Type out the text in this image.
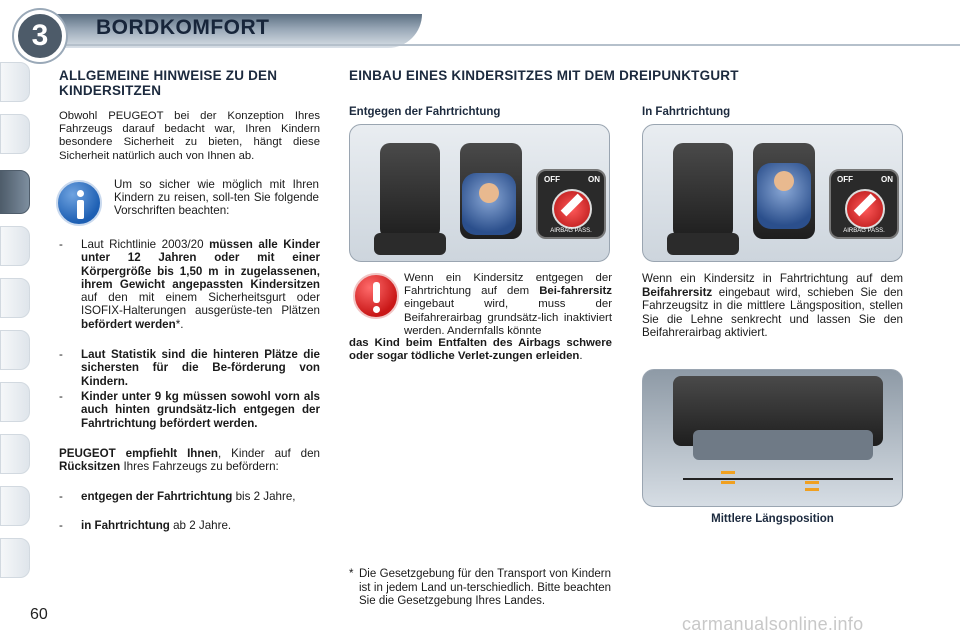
3	BORDKOMFORT
ALLGEMEINE HINWEISE ZU DEN KINDERSITZEN
Obwohl PEUGEOT bei der Konzeption Ihres Fahrzeugs darauf bedacht war, Ihren Kindern besondere Sicherheit zu bieten, hängt diese Sicherheit natürlich auch von Ihnen ab.
Um so sicher wie möglich mit Ihren Kindern zu reisen, soll-ten Sie folgende Vorschriften beachten:
-	Laut Richtlinie 2003/20 müssen alle Kinder unter 12 Jahren oder mit einer Körpergröße bis 1,50 m in zugelassenen, ihrem Gewicht angepassten Kindersitzen auf den mit einem Sicherheitsgurt oder ISOFIX-Halterungen ausgerüste-ten Plätzen befördert werden*.
-	Laut Statistik sind die hinteren Plätze die sichersten für die Be-förderung von Kindern.
-	Kinder unter 9 kg müssen sowohl vorn als auch hinten grundsätz-lich entgegen der Fahrtrichtung befördert werden.
PEUGEOT empfiehlt Ihnen, Kinder auf den Rücksitzen Ihres Fahrzeugs zu befördern:
-	entgegen der Fahrtrichtung bis 2 Jahre,
-	in Fahrtrichtung ab 2 Jahre.
EINBAU EINES KINDERSITZES MIT DEM DREIPUNKTGURT
Entgegen der Fahrtrichtung	In Fahrtrichtung
OFF	ON
AIRBAG PASS.
OFF	ON
AIRBAG PASS.
Wenn ein Kindersitz entgegen der Fahrtrichtung auf dem Bei-fahrersitz eingebaut wird, muss der Beifahrerairbag grundsätz-lich inaktiviert werden. Andernfalls könnte
das Kind beim Entfalten des Airbags schwere oder sogar tödliche Verlet-zungen erleiden.
Wenn ein Kindersitz in Fahrtrichtung auf dem Beifahrersitz eingebaut wird, schieben Sie den Fahrzeugsitz in die mittlere Längsposition, stellen Sie die Lehne senkrecht und lassen Sie den Beifahrerairbag aktiviert.
Mittlere Längsposition
* Die Gesetzgebung für den Transport von Kindern ist in jedem Land un-terschiedlich. Bitte beachten Sie die Gesetzgebung Ihres Landes.
60	carmanualsonline.info
